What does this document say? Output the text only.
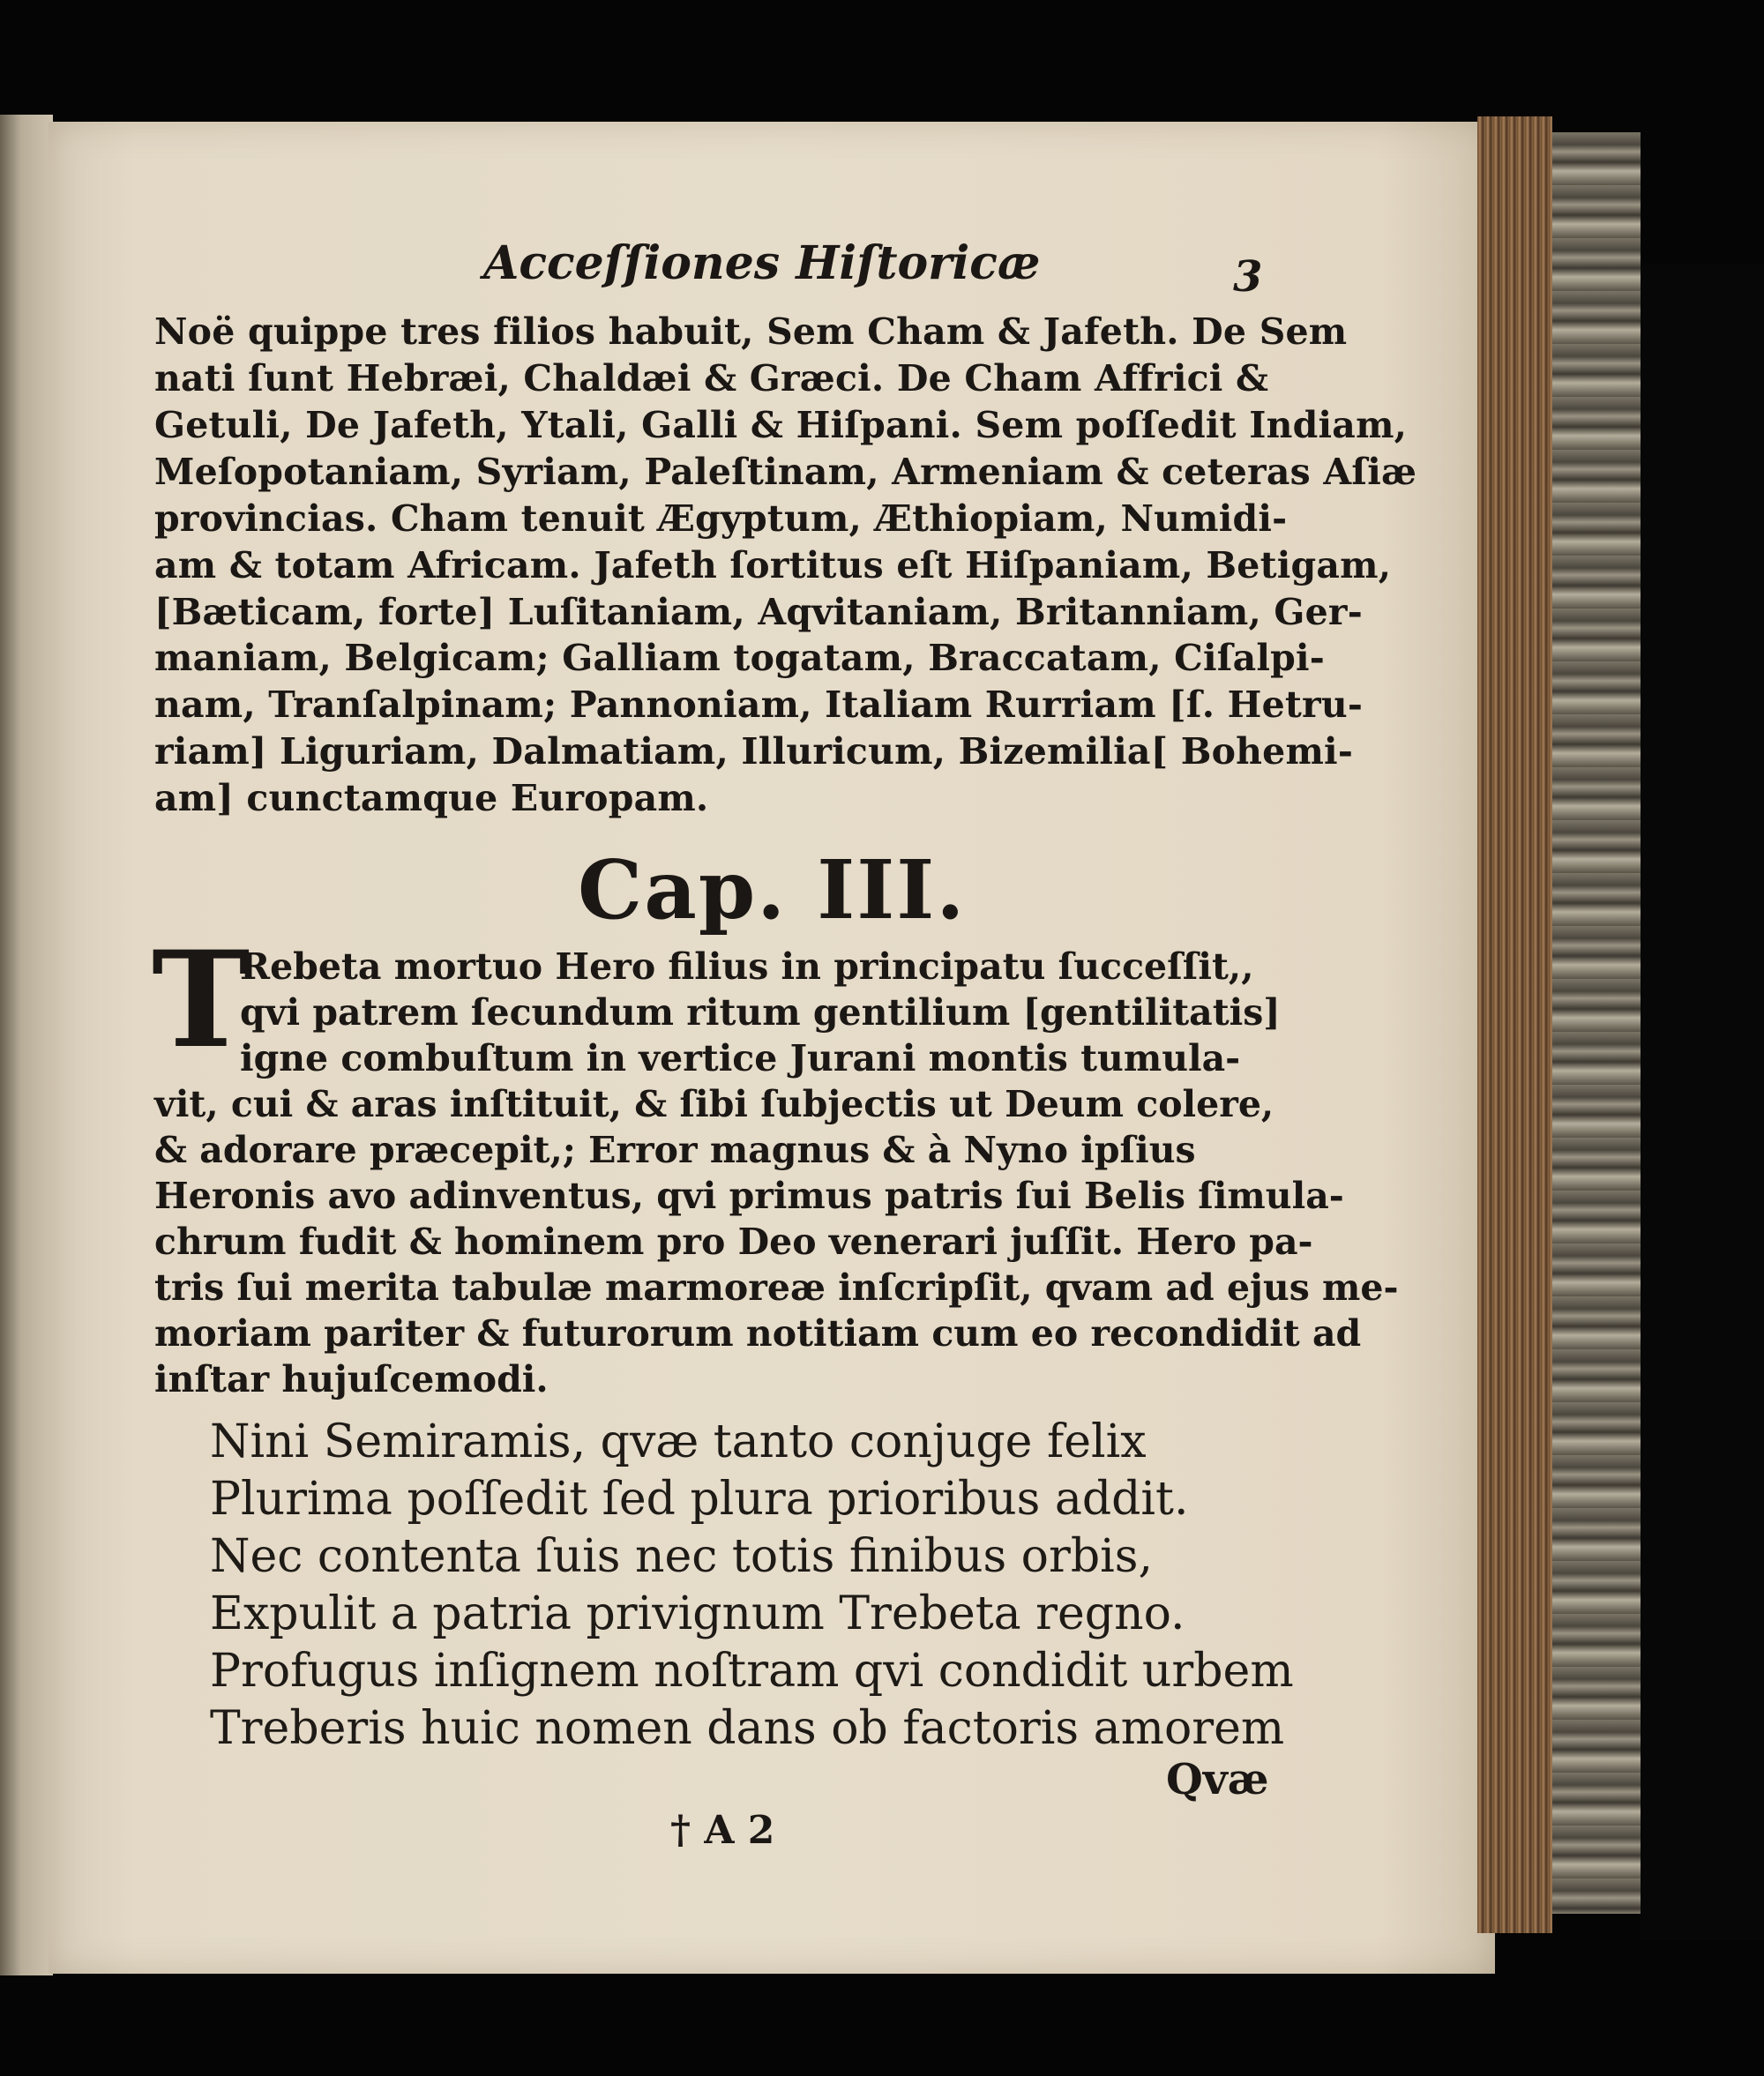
Acceſſiones Hiſtoricæ	3
Noë quippe tres filios habuit, Sem Cham & Jafeth. De Sem
nati ſunt Hebræi, Chaldæi & Græci. De Cham Affrici &
Getuli, De Jafeth, Ytali, Galli & Hiſpani. Sem poſſedit Indiam,
Meſopotaniam, Syriam, Paleſtinam, Armeniam & ceteras Aſiæ
provincias. Cham tenuit Ægyptum, Æthiopiam, Numidi-
am & totam Africam. Jafeth ſortitus eſt Hiſpaniam, Betigam,
[Bæticam, forte] Luſitaniam, Aqvitaniam, Britanniam, Ger-
maniam, Belgicam; Galliam togatam, Braccatam, Ciſalpi-
nam, Tranſalpinam; Pannoniam, Italiam Rurriam [ſ. Hetru-
riam] Liguriam, Dalmatiam, Illuricum, Bizemilia[ Bohemi-
am] cunctamque Europam.
Cap. III.
T
Rebeta mortuo Hero filius in principatu ſucceſſit,,
qvi patrem ſecundum ritum gentilium [gentilitatis]
igne combuſtum in vertice Jurani montis tumula-
vit, cui & aras inſtituit, & ſibi ſubjectis ut Deum colere,
& adorare præcepit,; Error magnus & à Nyno ipſius
Heronis avo adinventus, qvi primus patris ſui Belis ſimula-
chrum fudit & hominem pro Deo venerari juſſit. Hero pa-
tris ſui merita tabulæ marmoreæ inſcripſit, qvam ad ejus me-
moriam pariter & futurorum notitiam cum eo recondidit ad
inſtar hujuſcemodi.
Nini Semiramis, qvæ tanto conjuge felix
Plurima poſſedit ſed plura prioribus addit.
Nec contenta ſuis nec totis finibus orbis,
Expulit a patria privignum Trebeta regno.
Profugus inſignem noſtram qvi condidit urbem
Treberis huic nomen dans ob factoris amorem
Qvæ
† A 2
